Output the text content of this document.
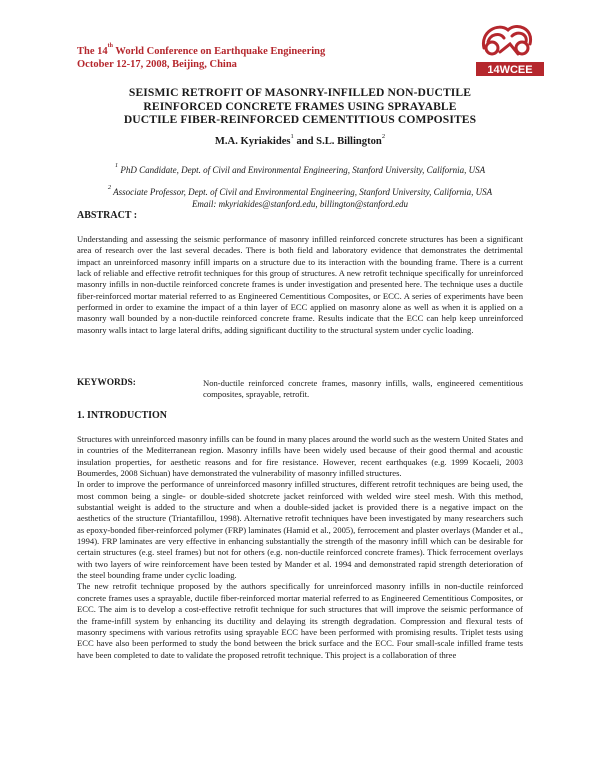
The 14th World Conference on Earthquake Engineering
October 12-17, 2008, Beijing, China	14WCEE
SEISMIC RETROFIT OF MASONRY-INFILLED NON-DUCTILE
REINFORCED CONCRETE FRAMES USING SPRAYABLE
DUCTILE FIBER-REINFORCED CEMENTITIOUS COMPOSITES
M.A. Kyriakides$^1$ and S.L. Billington$^2$
$^1$ PhD Candidate, Dept. of Civil and Environmental Engineering, Stanford University, California, USA
$^2$ Associate Professor, Dept. of Civil and Environmental Engineering, Stanford University, California, USA
Email: mkyriakides@stanford.edu, billington@stanford.edu
ABSTRACT :

Understanding and assessing the seismic performance of masonry infilled reinforced concrete structures has been a significant area of research over the last several decades. There is both field and laboratory evidence that demonstrates the detrimental impact an unreinforced masonry infill imparts on a structure due to its interaction with the bounding frame. There is a current lack of reliable and effective retrofit techniques for this group of structures. A new retrofit technique specifically for unreinforced masonry infills in non-ductile reinforced concrete frames is under investigation and presented here. The technique uses a ductile fiber-reinforced mortar material referred to as Engineered Cementitious Composites, or ECC. A series of experiments have been performed in order to examine the impact of a thin layer of ECC applied on masonry alone as well as when it is applied on a masonry wall bounded by a non-ductile reinforced concrete frame. Results indicate that the ECC can help keep unreinforced masonry walls intact to large lateral drifts, adding significant ductility to the structural system under cyclic loading.

KEYWORDS:	Non-ductile reinforced concrete frames, masonry infills, walls, engineered cementitious composites, sprayable, retrofit.
1. INTRODUCTION

Structures with unreinforced masonry infills can be found in many places around the world such as the western United States and in countries of the Mediterranean region. Masonry infills have been widely used because of their good thermal and acoustic insulation properties, for aesthetic reasons and for fire resistance. However, recent earthquakes (e.g. 1999 Kocaeli, 2003 Boumerdes, 2008 Sichuan) have demonstrated the vulnerability of masonry infilled structures.

In order to improve the performance of unreinforced masonry infilled structures, different retrofit techniques are being used, the most common being a single- or double-sided shotcrete jacket reinforced with welded wire steel mesh. With this method, substantial weight is added to the structure and when a double-sided jacket is provided there is a negative impact on the aesthetics of the structure (Triantafillou, 1998). Alternative retrofit techniques have been investigated by many researchers such as epoxy-bonded fiber-reinforced polymer (FRP) laminates (Hamid et al., 2005), ferrocement and plaster overlays (Mander et al., 1994). FRP laminates are very effective in enhancing substantially the strength of the masonry infill which can be desirable for certain structures (e.g. steel frames) but not for others (e.g. non-ductile reinforced concrete frames). Thick ferrocement overlays with two layers of wire reinforcement have been tested by Mander et al. 1994 and demonstrated rapid strength deterioration of the steel bounding frame under cyclic loading.

The new retrofit technique proposed by the authors specifically for unreinforced masonry infills in non-ductile reinforced concrete frames uses a sprayable, ductile fiber-reinforced mortar material referred to as Engineered Cementitious Composites, or ECC. The aim is to develop a cost-effective retrofit technique for such structures that will improve the seismic performance of the frame-infill system by enhancing its ductility and delaying its strength degradation. Compression and flexural tests of masonry specimens with various retrofits using sprayable ECC have been performed with promising results. Triplet tests using ECC have also been performed to study the bond between the brick surface and the ECC. Four small-scale infilled frame tests have been completed to date to validate the proposed retrofit technique. This project is a collaboration of three
